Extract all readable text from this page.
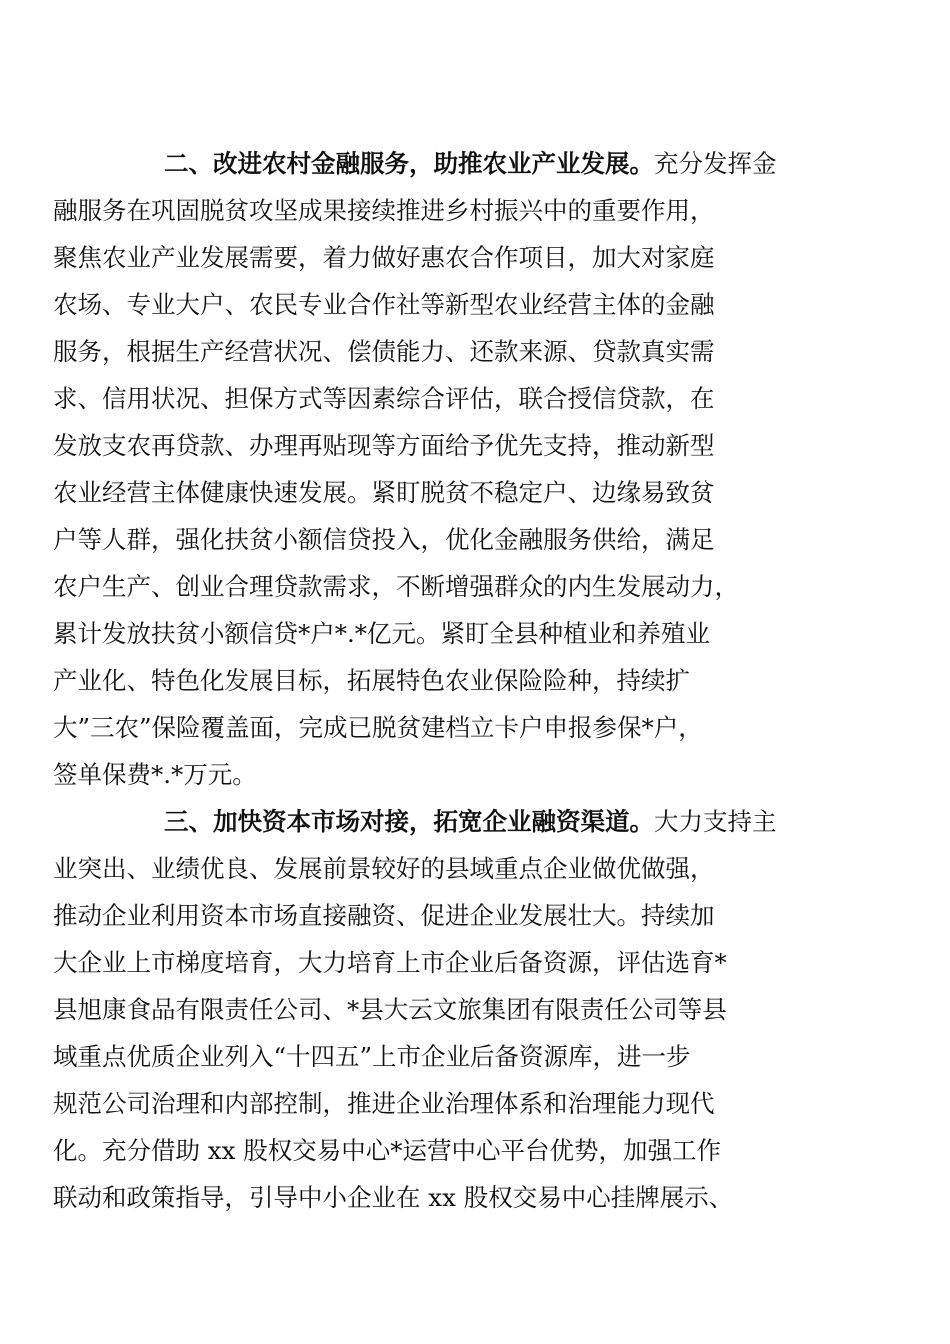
二、改进农村金融服务，助推农业产业发展。充分发挥金
融服务在巩固脱贫攻坚成果接续推进乡村振兴中的重要作用，
聚焦农业产业发展需要，着力做好惠农合作项目，加大对家庭
农场、专业大户、农民专业合作社等新型农业经营主体的金融
服务，根据生产经营状况、偿债能力、还款来源、贷款真实需
求、信用状况、担保方式等因素综合评估，联合授信贷款，在
发放支农再贷款、办理再贴现等方面给予优先支持，推动新型
农业经营主体健康快速发展。紧盯脱贫不稳定户、边缘易致贫
户等人群，强化扶贫小额信贷投入，优化金融服务供给，满足
农户生产、创业合理贷款需求，不断增强群众的内生发展动力，
累计发放扶贫小额信贷*户*.*亿元。紧盯全县种植业和养殖业
产业化、特色化发展目标，拓展特色农业保险险种，持续扩
大”三农”保险覆盖面，完成已脱贫建档立卡户申报参保*户，
签单保费*.*万元。
三、加快资本市场对接，拓宽企业融资渠道。大力支持主
业突出、业绩优良、发展前景较好的县域重点企业做优做强，
推动企业利用资本市场直接融资、促进企业发展壮大。持续加
大企业上市梯度培育，大力培育上市企业后备资源，评估选育*
县旭康食品有限责任公司、*县大云文旅集团有限责任公司等县
域重点优质企业列入“十四五”上市企业后备资源库，进一步
规范公司治理和内部控制，推进企业治理体系和治理能力现代
化。充分借助 xx 股权交易中心*运营中心平台优势，加强工作
联动和政策指导，引导中小企业在 xx 股权交易中心挂牌展示、
